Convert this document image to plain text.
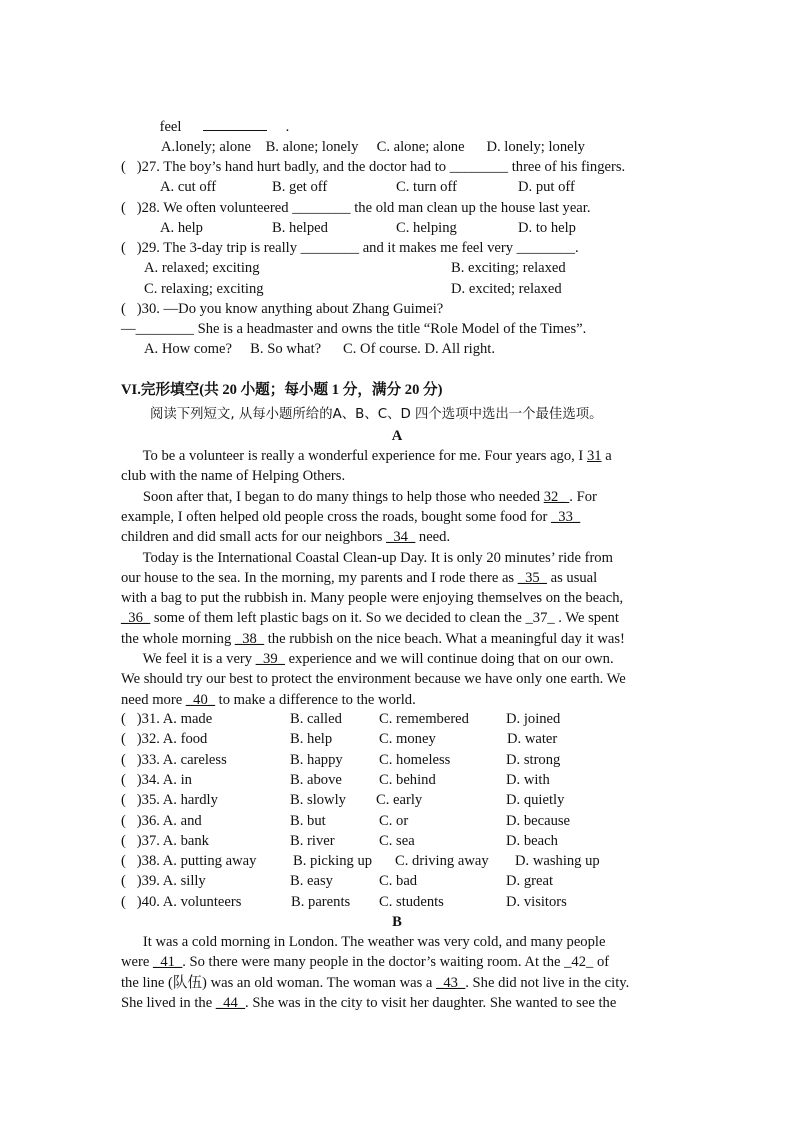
feel	.

A.lonely; alone    B. alone; lonely     C. alone; alone      D. lonely; lonely
(   )27. The boy’s hand hurt badly, and the doctor had to ________ three of his fingers.
A. cut off	B. get off	C. turn off	D. put off
(   )28. We often volunteered ________ the old man clean up the house last year.
A. help	B. helped	C. helping	D. to help
(   )29. The 3-day trip is really ________ and it makes me feel very ________.
A. relaxed; exciting	B. exciting; relaxed
C. relaxing; exciting	D. excited; relaxed
(   )30. —Do you know anything about Zhang Guimei?
—________ She is a headmaster and owns the title “Role Model of the Times”.
A. How come?     B. So what?      C. Of course. D. All right.
VI.完形填空(共 20 小题；每小题 1 分，满分 20 分)
阅读下列短文, 从每小题所给的A、B、C、D 四个选项中选出一个最佳选项。
A
To be a volunteer is really a wonderful experience for me. Four years ago, I 31 a
club with the name of Helping Others.
Soon after that, I began to do many things to help those who needed 32_ . For
example, I often helped old people cross the roads, bought some food for _33_
children and did small acts for our neighbors _34_ need.
Today is the International Coastal Clean-up Day. It is only 20 minutes’ ride from
our house to the sea. In the morning, my parents and I rode there as _35_ as usual
with a bag to put the rubbish in. Many people were enjoying themselves on the beach,
_36_ some of them left plastic bags on it. So we decided to clean the _37_ . We spent
the whole morning _38_ the rubbish on the nice beach. What a meaningful day it was!
We feel it is a very _39_ experience and we will continue doing that on our own.
We should try our best to protect the environment because we have only one earth. We
need more _40_ to make a difference to the world.
(   )31. A. made	B. called	C. remembered	D. joined
(   )32. A. food	B. help	C. money	D. water
(   )33. A. careless	B. happy C. homeless	D. strong
(   )34. A. in	B. above	C. behind	D. with
(   )35. A. hardly	B. slowly C. early	D. quietly
(   )36. A. and	B. but	C. or	D. because
(   )37. A. bank	B. river	C. sea	D. beach
(   )38. A. putting away	B. picking up C. driving away D. washing up
(   )39. A. silly	B. easy	C. bad	D. great
(   )40. A. volunteers	B. parents C. students	D. visitors
B
It was a cold morning in London. The weather was very cold, and many people
were _41_. So there were many people in the doctor’s waiting room. At the _42_ of
the line (队伍) was an old woman. The woman was a _43_. She did not live in the city.
She lived in the _44_. She was in the city to visit her daughter. She wanted to see the
